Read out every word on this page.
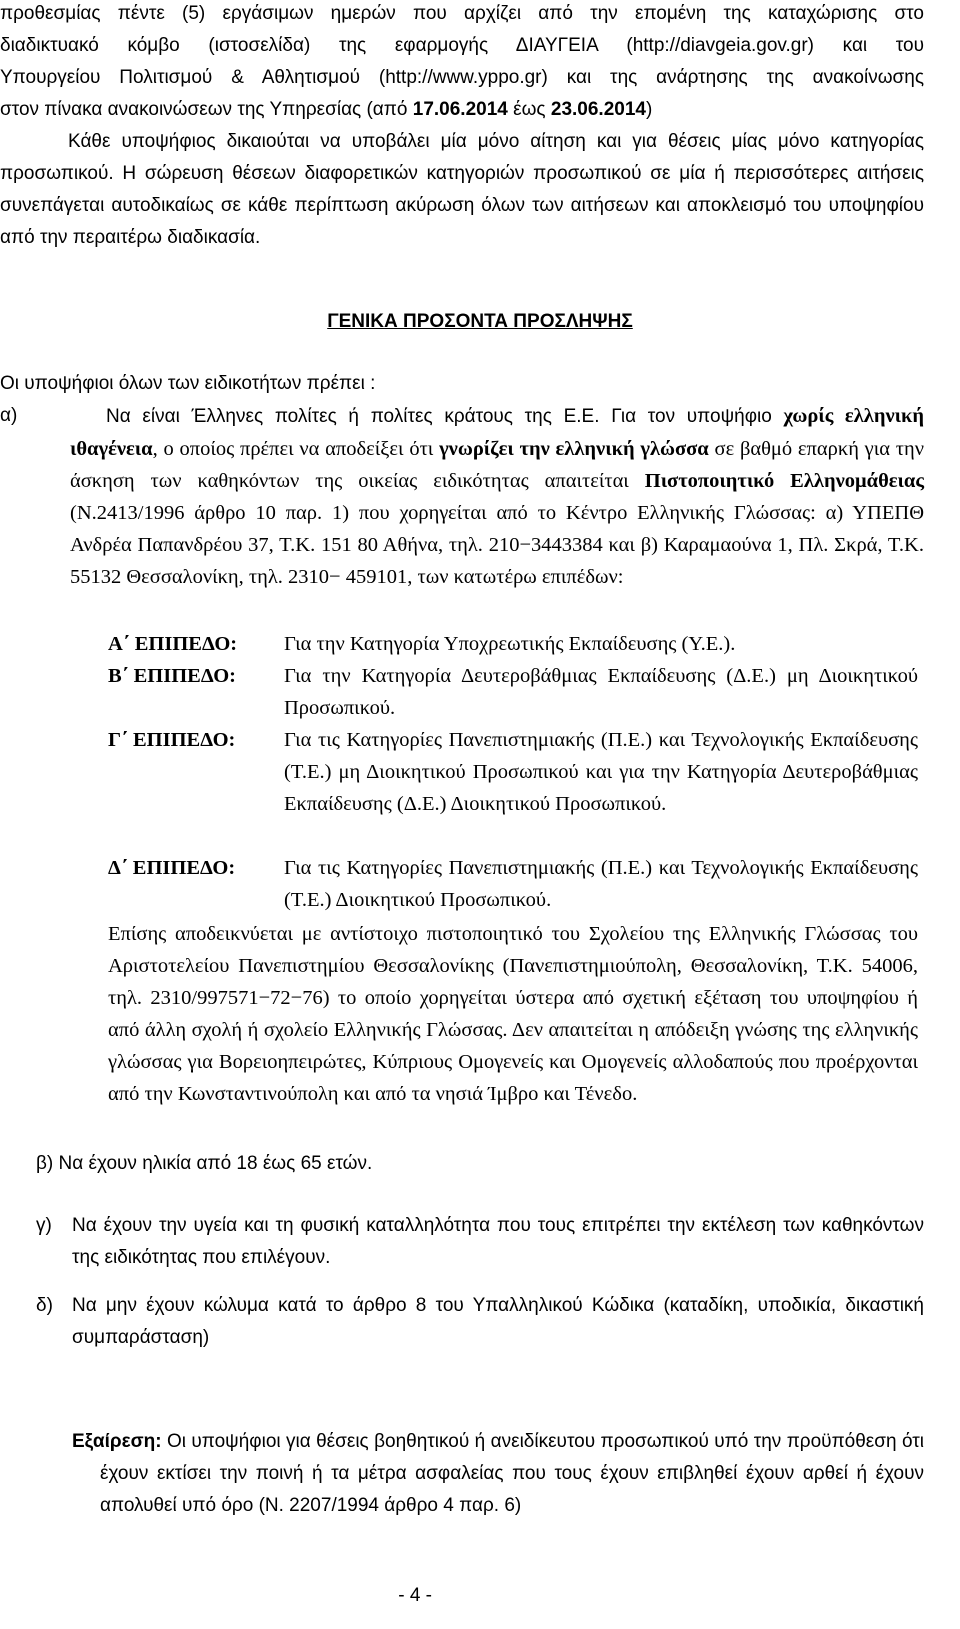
προθεσμίας πέντε (5) εργάσιμων ημερών που αρχίζει από την επομένη της καταχώρισης στο
διαδικτυακό κόμβο (ιστοσελίδα) της εφαρμογής ΔΙΑΥΓΕΙΑ (http://diavgeia.gov.gr) και του
Υπουργείου Πολιτισμού & Αθλητισμού (http://www.yppo.gr) και της ανάρτησης της ανακοίνωσης
στον πίνακα ανακοινώσεων της Υπηρεσίας (από 17.06.2014 έως 23.06.2014)

Κάθε υποψήφιος δικαιούται να υποβάλει μία μόνο αίτηση και για θέσεις μίας μόνο κατηγορίας προσωπικού. Η σώρευση θέσεων διαφορετικών κατηγοριών προσωπικού σε μία ή περισσότερες αιτήσεις συνεπάγεται αυτοδικαίως σε κάθε περίπτωση ακύρωση όλων των αιτήσεων και αποκλεισμό του υποψηφίου από την περαιτέρω διαδικασία.

ΓΕΝΙΚΑ ΠΡΟΣΟΝΤΑ ΠΡΟΣΛΗΨΗΣ

Οι υποψήφιοι όλων των ειδικοτήτων πρέπει :

α)	Να είναι Έλληνες πολίτες ή πολίτες κράτους της Ε.Ε. Για τον υποψήφιο χωρίς ελληνική ιθαγένεια, ο οποίος πρέπει να αποδείξει ότι γνωρίζει την ελληνική γλώσσα σε βαθμό επαρκή για την άσκηση των καθηκόντων της οικείας ειδικότητας απαιτείται Πιστοποιητικό Ελληνομάθειας (Ν.2413/1996 άρθρο 10 παρ. 1) που χορηγείται από το Κέντρο Ελληνικής Γλώσσας: α) ΥΠΕΠΘ Ανδρέα Παπανδρέου 37, Τ.Κ. 151 80 Αθήνα, τηλ. 210−3443384 και β) Καραμαούνα 1, Πλ. Σκρά, Τ.Κ. 55132 Θεσσαλονίκη, τηλ. 2310− 459101, των κατωτέρω επιπέδων:
Α΄ ΕΠΙΠΕΔΟ: Για την Κατηγορία Υποχρεωτικής Εκπαίδευσης (Υ.Ε.).

Β΄ ΕΠΙΠΕΔΟ: Για την Κατηγορία Δευτεροβάθμιας Εκπαίδευσης (Δ.Ε.) μη Διοικητικού Προσωπικού.

Γ΄ ΕΠΙΠΕΔΟ: Για τις Κατηγορίες Πανεπιστημιακής (Π.Ε.) και Τεχνολογικής Εκπαίδευσης (Τ.Ε.) μη Διοικητικού Προσωπικού και για την Κατηγορία Δευτεροβάθμιας Εκπαίδευσης (Δ.Ε.) Διοικητικού Προσωπικού.

Δ΄ ΕΠΙΠΕΔΟ: Για τις Κατηγορίες Πανεπιστημιακής (Π.Ε.) και Τεχνολογικής Εκπαίδευσης (Τ.Ε.) Διοικητικού Προσωπικού.

Επίσης αποδεικνύεται με αντίστοιχο πιστοποιητικό του Σχολείου της Ελληνικής Γλώσσας του Αριστοτελείου Πανεπιστημίου Θεσσαλονίκης (Πανεπιστημιούπολη, Θεσσαλονίκη, Τ.Κ. 54006, τηλ. 2310/997571−72−76) το οποίο χορηγείται ύστερα από σχετική εξέταση του υποψηφίου ή από άλλη σχολή ή σχολείο Ελληνικής Γλώσσας. Δεν απαιτείται η απόδειξη γνώσης της ελληνικής γλώσσας για Βορειοηπειρώτες, Κύπριους Ομογενείς και Ομογενείς αλλοδαπούς που προέρχονται από την Κωνσταντινούπολη και από τα νησιά Ίμβρο και Τένεδο.

β) Να έχουν ηλικία από 18 έως 65 ετών.
γ) Να έχουν την υγεία και τη φυσική καταλληλότητα που τους επιτρέπει την εκτέλεση των καθηκόντων της ειδικότητας που επιλέγουν.

δ) Να μην έχουν κώλυμα κατά το άρθρο 8 του Υπαλληλικού Κώδικα (καταδίκη, υποδικία, δικαστική συμπαράσταση)

Εξαίρεση: Οι υποψήφιοι για θέσεις βοηθητικού ή ανειδίκευτου προσωπικού υπό την προϋπόθεση ότι έχουν εκτίσει την ποινή ή τα μέτρα ασφαλείας που τους έχουν επιβληθεί έχουν αρθεί ή έχουν απολυθεί υπό όρο (Ν. 2207/1994 άρθρο 4 παρ. 6)
- 4 -
